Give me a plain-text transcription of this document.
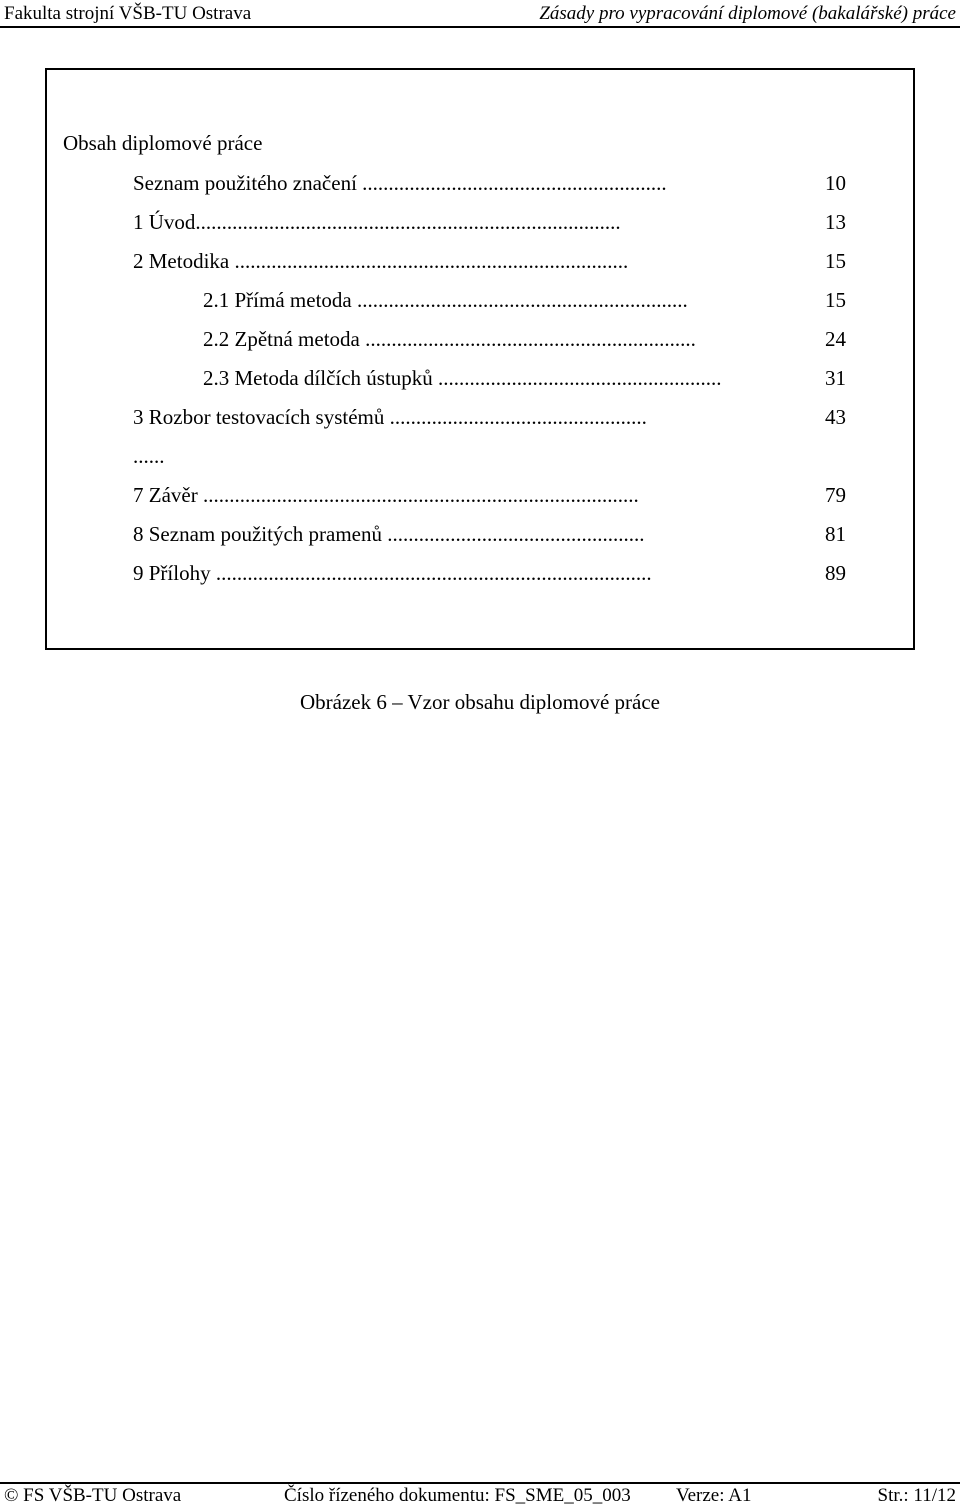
Fakulta strojní VŠB-TU Ostrava	Zásady pro vypracování diplomové (bakalářské) práce
Obsah diplomové práce
Seznam použitého značení ..........................................................	10
1 Úvod.................................................................................	13
2 Metodika ...........................................................................	15
2.1 Přímá metoda ...............................................................	15
2.2 Zpětná metoda ...............................................................	24
2.3 Metoda dílčích ústupků ......................................................	31
3 Rozbor testovacích systémů .................................................	43
......
7 Závěr ...................................................................................	79
8 Seznam použitých pramenů .................................................	81
9 Přílohy ...................................................................................	89
Obrázek 6 – Vzor obsahu diplomové práce
© FS VŠB-TU Ostrava	Číslo řízeného dokumentu: FS_SME_05_003 Verze: A1	Str.: 11/12
